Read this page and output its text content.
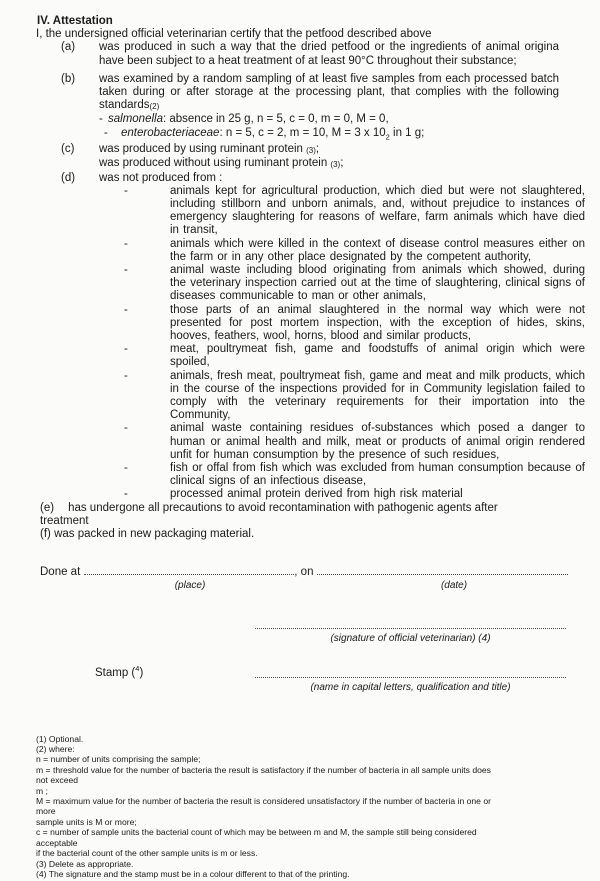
IV. Attestation

I, the undersigned official veterinarian certify that the petfood described above

(a)	was produced in such a way that the dried petfood or the ingredients of animal origina have been subject to a heat treatment of at least 90°C throughout their substance;
(b)	was examined by a random sampling of at least five samples from each processed batch taken during or after storage at the processing plant, that complies with the following standards(2)
- salmonella: absence in 25 g, n = 5, c = 0, m = 0, M = 0,
- enterobacteriaceae: n = 5, c = 2, m = 10, M = 3 x $10_2$ in 1 g;
(c)	was produced by using ruminant protein (3);
was produced without using ruminant protein (3);
(d)	was not produced from :
-	animals kept for agricultural production, which died but were not slaughtered, including stillborn and unborn animals, and, without prejudice to instances of emergency slaughtering for reasons of welfare, farm animals which have died in transit,
-	animals which were killed in the context of disease control measures either on the farm or in any other place designated by the competent authority,
-	animal waste including blood originating from animals which showed, during the veterinary inspection carried out at the time of slaughtering, clinical signs of diseases communicable to man or other animals,
-	those parts of an animal slaughtered in the normal way which were not presented for post mortem inspection, with the exception of hides, skins, hooves, feathers, wool, horns, blood and similar products,
-	meat, poultrymeat fish, game and foodstuffs of animal origin which were spoiled,
-	animals, fresh meat, poultrymeat fish, game and meat and milk products, which in the course of the inspections provided for in Community legislation failed to comply with the veterinary requirements for their importation into the Community,
-	animal waste containing residues of-substances which posed a danger to human or animal health and milk, meat or products of animal origin rendered unfit for human consumption by the presence of such residues,
-	fish or offal from fish which was excluded from human consumption because of clinical signs of an infectious disease,
-	processed animal protein derived from high risk material
(e) has undergone all precautions to avoid recontamination with pathogenic agents after treatment
(f) was packed in new packaging material.
Done at	, on
(place)	(date)
Stamp ($^4$)
(signature of official veterinarian) (4)
(name in capital letters, qualification and title)
(1) Optional.
(2) where:
n = number of units comprising the sample;
m = threshold value for the number of bacteria the result is satisfactory if the number of bacteria in all sample units does
not exceed
m ;
M = maximum value for the number of bacteria the result is considered unsatisfactory if the number of bacteria in one or
more
sample units is M or more;
c = number of sample units the bacterial count of which may be between m and M, the sample still being considered
acceptable
if the bacterial count of the other sample units is m or less.
(3) Delete as appropriate.
(4) The signature and the stamp must be in a colour different to that of the printing.
